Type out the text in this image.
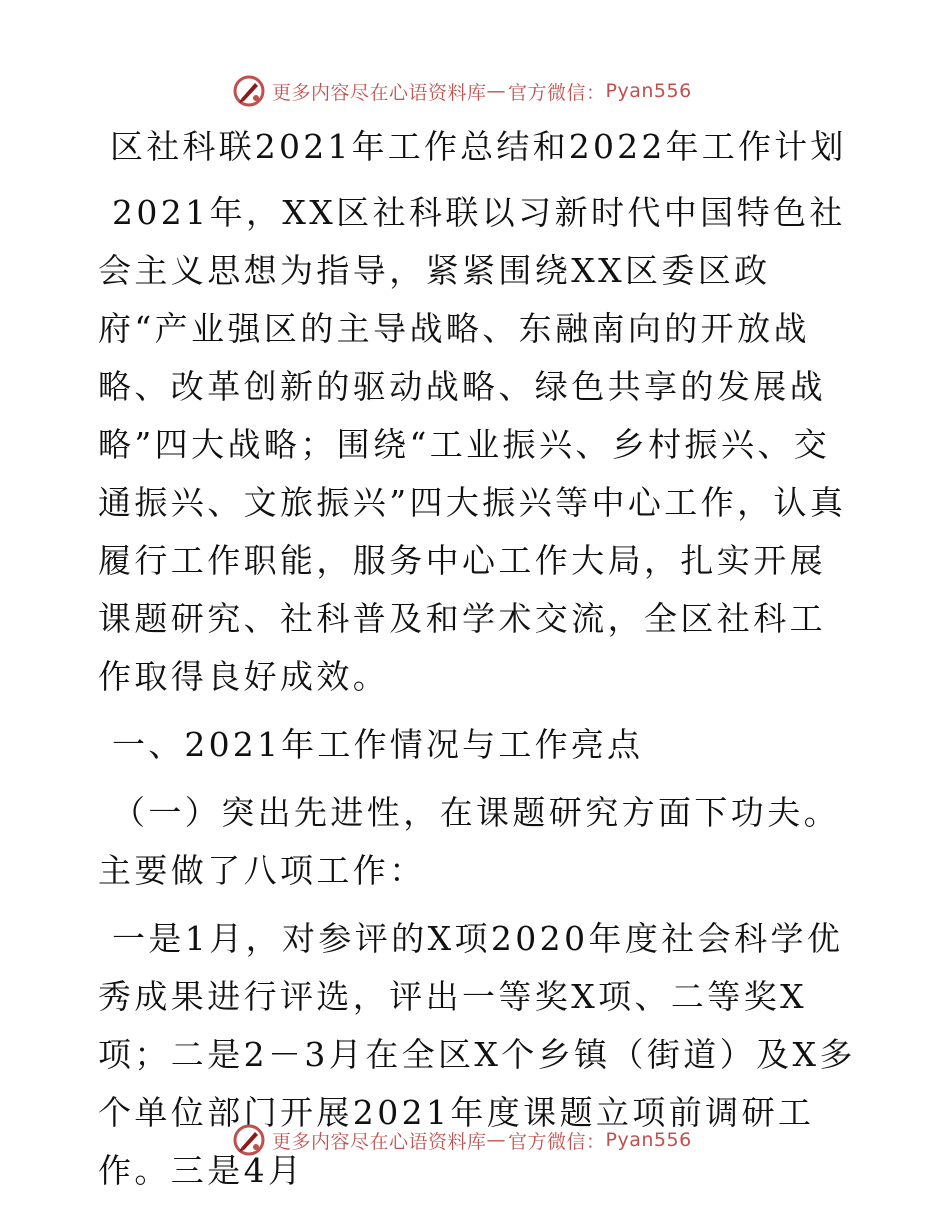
更多内容尽在心语资料库 — 官方微信： Pyan556
区社科联2021年工作总结和2022年工作计划

2021年，XX区社科联以习新时代中国特色社会主义思想为指导，紧紧围绕XX区委区政府“产业强区的主导战略、东融南向的开放战略、改革创新的驱动战略、绿色共享的发展战略”四大战略；围绕“工业振兴、乡村振兴、交通振兴、文旅振兴”四大振兴等中心工作，认真履行工作职能，服务中心工作大局，扎实开展课题研究、社科普及和学术交流，全区社科工作取得良好成效。

一、2021年工作情况与工作亮点

（一）突出先进性，在课题研究方面下功夫。主要做了八项工作：

一是1月，对参评的X项2020年度社会科学优秀成果进行评选，评出一等奖X项、二等奖X项；二是2－3月在全区X个乡镇（街道）及X多个单位部门开展2021年度课题立项前调研工作。三是4月

更多内容尽在心语资料库 — 官方微信： Pyan556
